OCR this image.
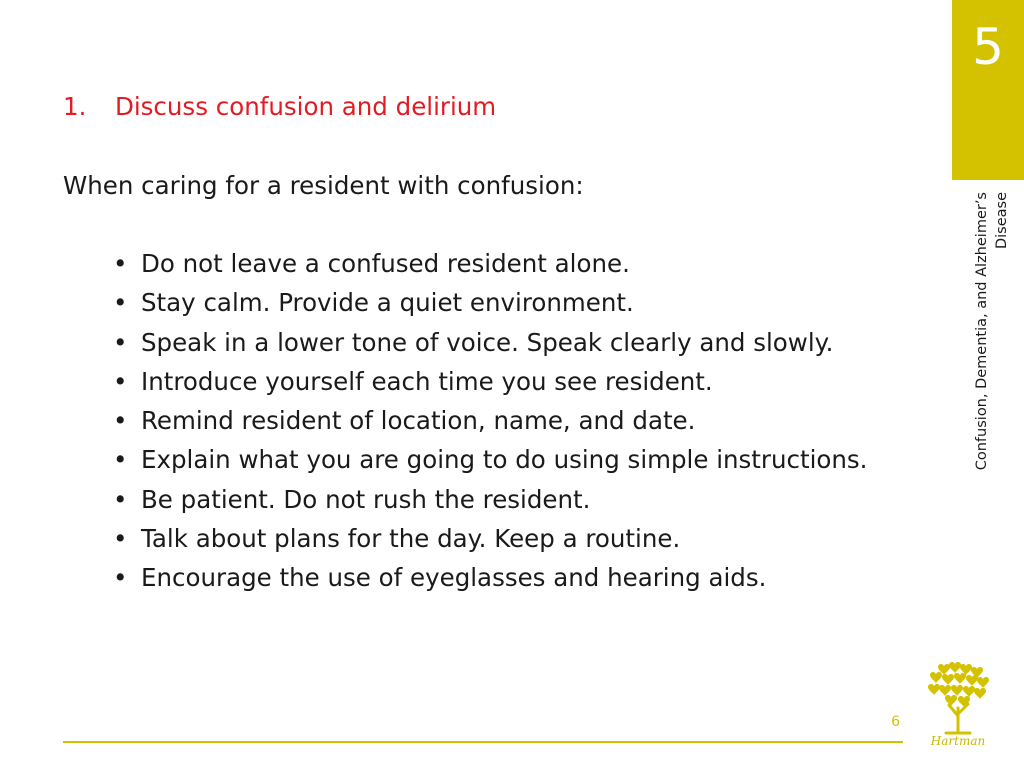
5
Confusion, Dementia, and Alzheimer’s Disease
1. Discuss confusion and delirium
When caring for a resident with confusion:
• Do not leave a confused resident alone.
• Stay calm. Provide a quiet environment.
• Speak in a lower tone of voice. Speak clearly and slowly.
• Introduce yourself each time you see resident.
• Remind resident of location, name, and date.
• Explain what you are going to do using simple instructions.
• Be patient. Do not rush the resident.
• Talk about plans for the day. Keep a routine.
• Encourage the use of eyeglasses and hearing aids.
6
Hartman
